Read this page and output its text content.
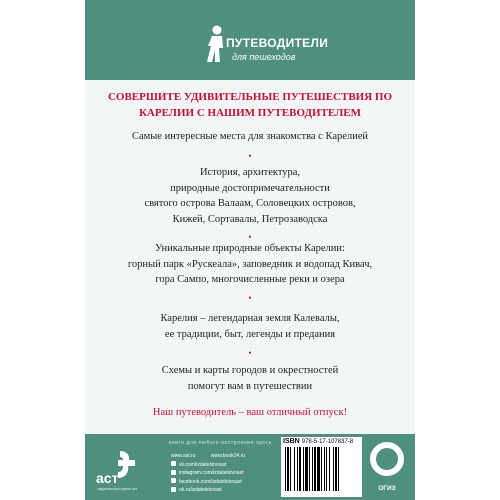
ПУТЕВОДИТЕЛИ
для пешеходов
СОВЕРШИТЕ УДИВИТЕЛЬНЫЕ ПУТЕШЕСТВИЯ ПО
КАРЕЛИИ С НАШИМ ПУТЕВОДИТЕЛЕМ
Самые интересные места для знакомства с Карелией
•
История, архитектура,
природные достопримечательности
святого острова Валаам, Соловецких островов,
Кижей, Сортавалы, Петрозаводска
•
Уникальные природные объекты Карелии:
горный парк «Рускеала», заповедник и водопад Кивач,
гора Сампо, многочисленные реки и озера
•
Карелия – легендарная земля Калевалы,
ее традиции, быт, легенды и предания
•
Схемы и карты городов и окрестностей
помогут вам в путешествии
Наш путеводитель – ваш отличный отпуск!
книги для любого настроения здесь
аст
издательская группа аст
www.ast.ru	www.book24.ru
vk.com/izdatelstvoast
instagram.com/izdatelstvoast
facebook.com/izdatelstvoast
ok.ru/izdatelstvoast
ISBN 978-5-17-107837-8
ОГИЗ
